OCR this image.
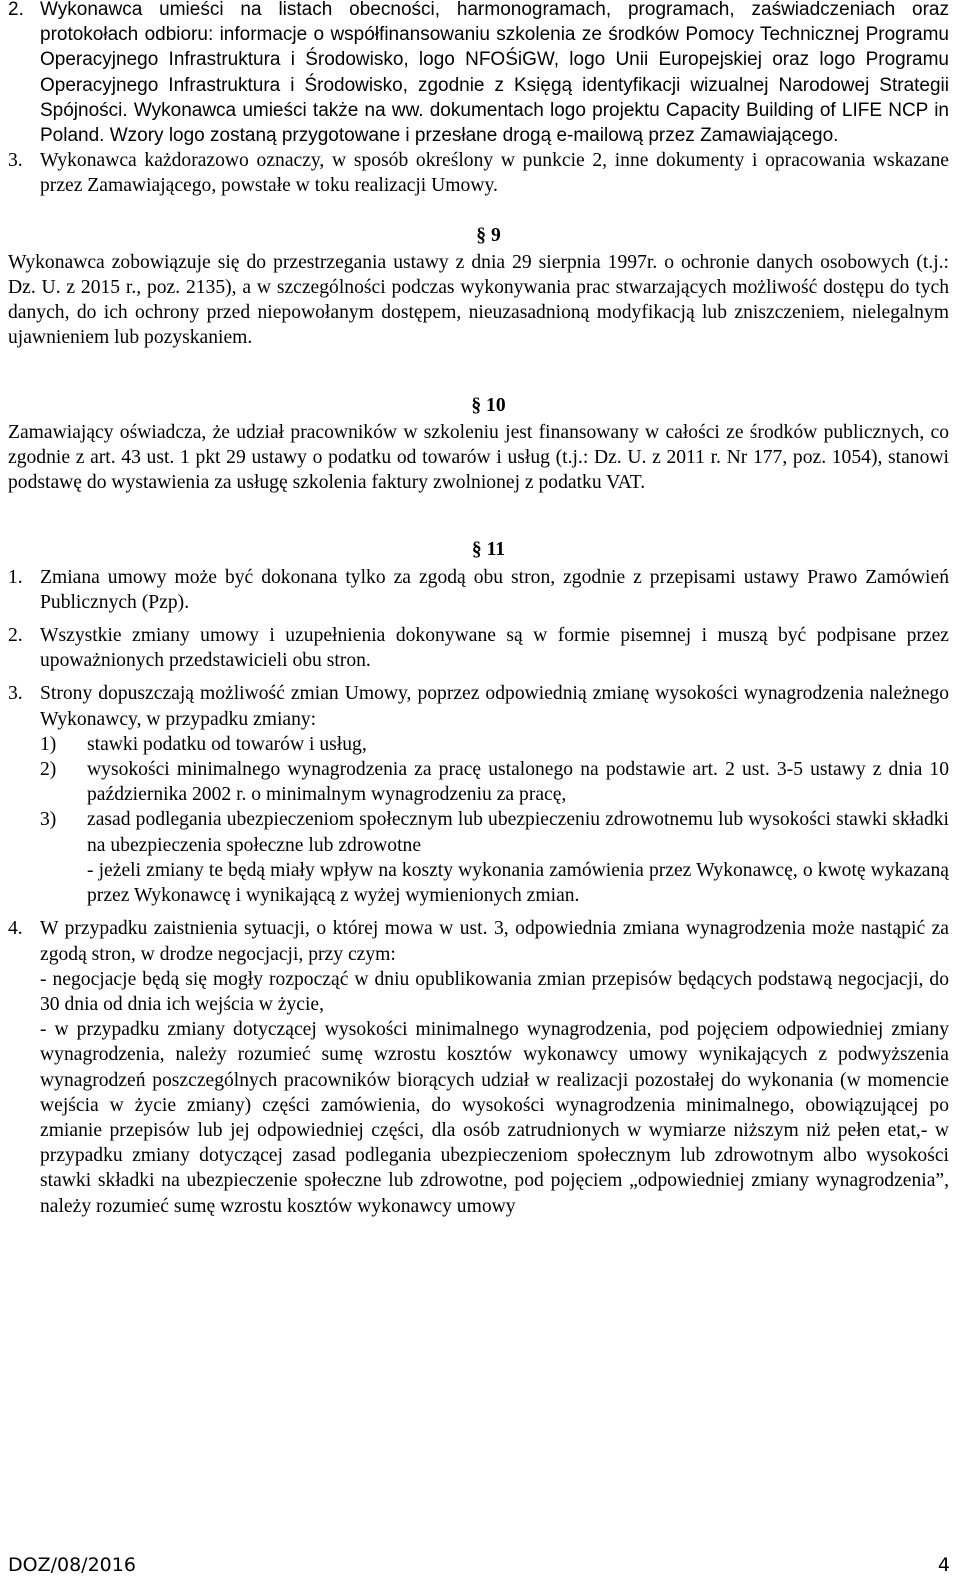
2. Wykonawca umieści na listach obecności, harmonogramach, programach, zaświadczeniach oraz protokołach odbioru: informacje o współfinansowaniu szkolenia ze środków Pomocy Technicznej Programu Operacyjnego Infrastruktura i Środowisko, logo NFOŚiGW, logo Unii Europejskiej oraz logo Programu Operacyjnego Infrastruktura i Środowisko, zgodnie z Księgą identyfikacji wizualnej Narodowej Strategii Spójności. Wykonawca umieści także na ww. dokumentach logo projektu Capacity Building of LIFE NCP in Poland. Wzory logo zostaną przygotowane i przesłane drogą e-mailową przez Zamawiającego.

3. Wykonawca każdorazowo oznaczy, w sposób określony w punkcie 2, inne dokumenty i opracowania wskazane przez Zamawiającego, powstałe w toku realizacji Umowy.

§ 9

Wykonawca zobowiązuje się do przestrzegania ustawy z dnia 29 sierpnia 1997r. o ochronie danych osobowych (t.j.: Dz. U. z 2015 r., poz. 2135), a w szczególności podczas wykonywania prac stwarzających możliwość dostępu do tych danych, do ich ochrony przed niepowołanym dostępem, nieuzasadnioną modyfikacją lub zniszczeniem, nielegalnym ujawnieniem lub pozyskaniem.

§ 10

Zamawiający oświadcza, że udział pracowników w szkoleniu jest finansowany w całości ze środków publicznych, co zgodnie z art. 43 ust. 1 pkt 29 ustawy o podatku od towarów i usług (t.j.: Dz. U. z 2011 r. Nr 177, poz. 1054), stanowi podstawę do wystawienia za usługę szkolenia faktury zwolnionej z podatku VAT.

§ 11
1. Zmiana umowy może być dokonana tylko za zgodą obu stron, zgodnie z przepisami ustawy Prawo Zamówień Publicznych (Pzp).

2. Wszystkie zmiany umowy i uzupełnienia dokonywane są w formie pisemnej i muszą być podpisane przez upoważnionych przedstawicieli obu stron.

3. Strony dopuszczają możliwość zmian Umowy, poprzez odpowiednią zmianę wysokości wynagrodzenia należnego Wykonawcy, w przypadku zmiany:

1) stawki podatku od towarów i usług,

2) wysokości minimalnego wynagrodzenia za pracę ustalonego na podstawie art. 2 ust. 3-5 ustawy z dnia 10 października 2002 r. o minimalnym wynagrodzeniu za pracę,

3) zasad podlegania ubezpieczeniom społecznym lub ubezpieczeniu zdrowotnemu lub wysokości stawki składki na ubezpieczenia społeczne lub zdrowotne

- jeżeli zmiany te będą miały wpływ na koszty wykonania zamówienia przez Wykonawcę, o kwotę wykazaną przez Wykonawcę i wynikającą z wyżej wymienionych zmian.

4. W przypadku zaistnienia sytuacji, o której mowa w ust. 3, odpowiednia zmiana wynagrodzenia może nastąpić za zgodą stron, w drodze negocjacji, przy czym:

- negocjacje będą się mogły rozpocząć w dniu opublikowania zmian przepisów będących podstawą negocjacji, do 30 dnia od dnia ich wejścia w życie,

- w przypadku zmiany dotyczącej wysokości minimalnego wynagrodzenia, pod pojęciem odpowiedniej zmiany wynagrodzenia, należy rozumieć sumę wzrostu kosztów wykonawcy umowy wynikających z podwyższenia wynagrodzeń poszczególnych pracowników biorących udział w realizacji pozostałej do wykonania (w momencie wejścia w życie zmiany) części zamówienia, do wysokości wynagrodzenia minimalnego, obowiązującej po zmianie przepisów lub jej odpowiedniej części, dla osób zatrudnionych w wymiarze niższym niż pełen etat,- w przypadku zmiany dotyczącej zasad podlegania ubezpieczeniom społecznym lub zdrowotnym albo wysokości stawki składki na ubezpieczenie społeczne lub zdrowotne, pod pojęciem „odpowiedniej zmiany wynagrodzenia”, należy rozumieć sumę wzrostu kosztów wykonawcy umowy

DOZ/08/2016	4
